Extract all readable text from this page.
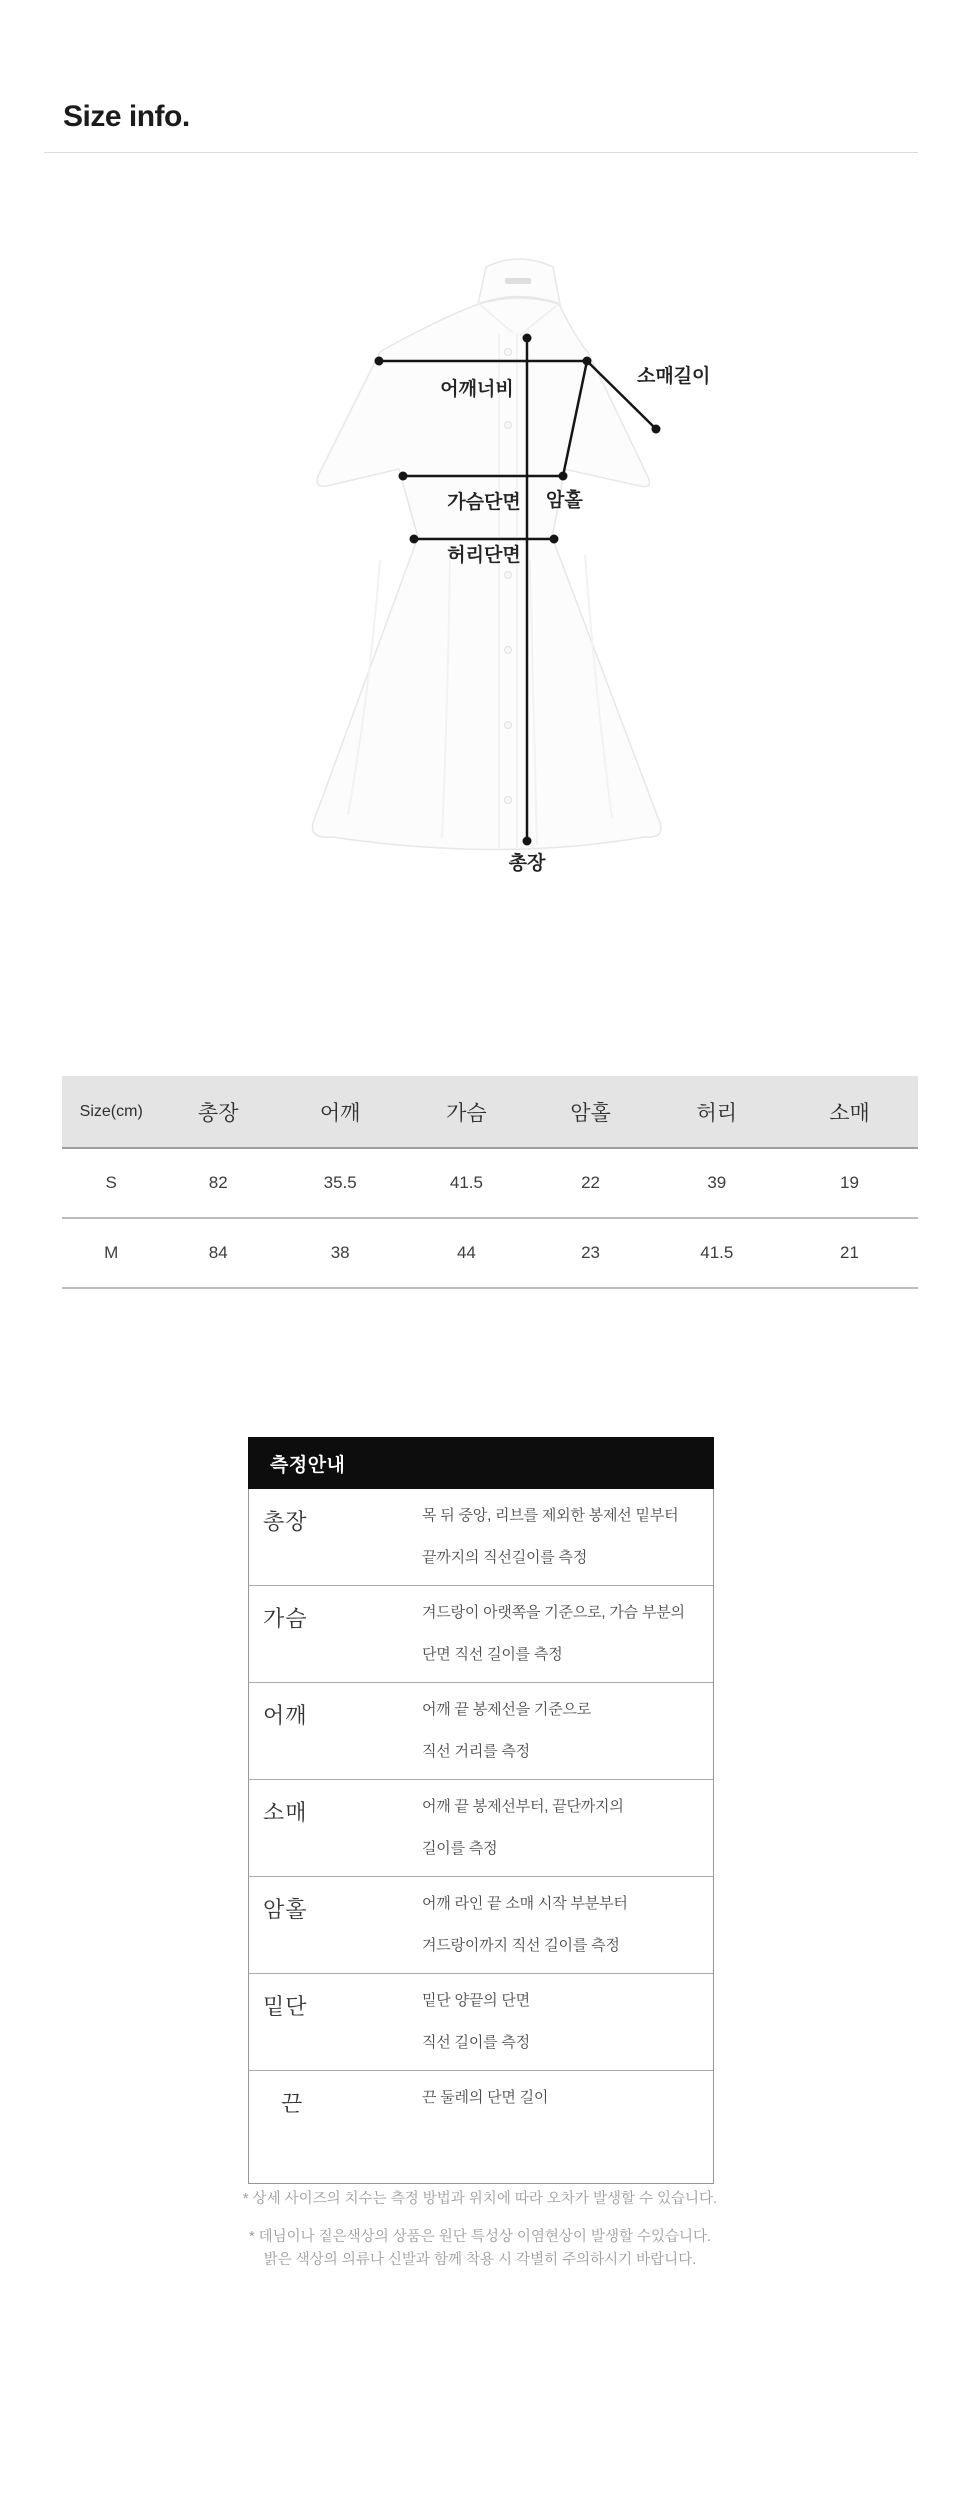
Size info.
어깨너비
소매길이
가슴단면 암홀
허리단면
총장
Size(cm)	총장	어깨	가슴	암홀	허리	소매
S	82	35.5	41.5	22	39	19
M	84	38	44	23	41.5	21
측정안내
총장	목 뒤 중앙, 리브를 제외한 봉제선 밑부터
끝까지의 직선길이를 측정
가슴	겨드랑이 아랫쪽을 기준으로, 가슴 부분의
단면 직선 길이를 측정
어깨	어깨 끝 봉제선을 기준으로
직선 거리를 측정
소매	어깨 끝 봉제선부터, 끝단까지의
길이를 측정
암홀	어깨 라인 끝 소매 시작 부분부터
겨드랑이까지 직선 길이를 측정
밑단	밑단 양끝의 단면
직선 길이를 측정
끈	끈 둘레의 단면 길이
* 상세 사이즈의 치수는 측정 방법과 위치에 따라 오차가 발생할 수 있습니다.
* 데님이나 짙은색상의 상품은 원단 특성상 이염현상이 발생할 수있습니다.
밝은 색상의 의류나 신발과 함께 착용 시 각별히 주의하시기 바랍니다.
